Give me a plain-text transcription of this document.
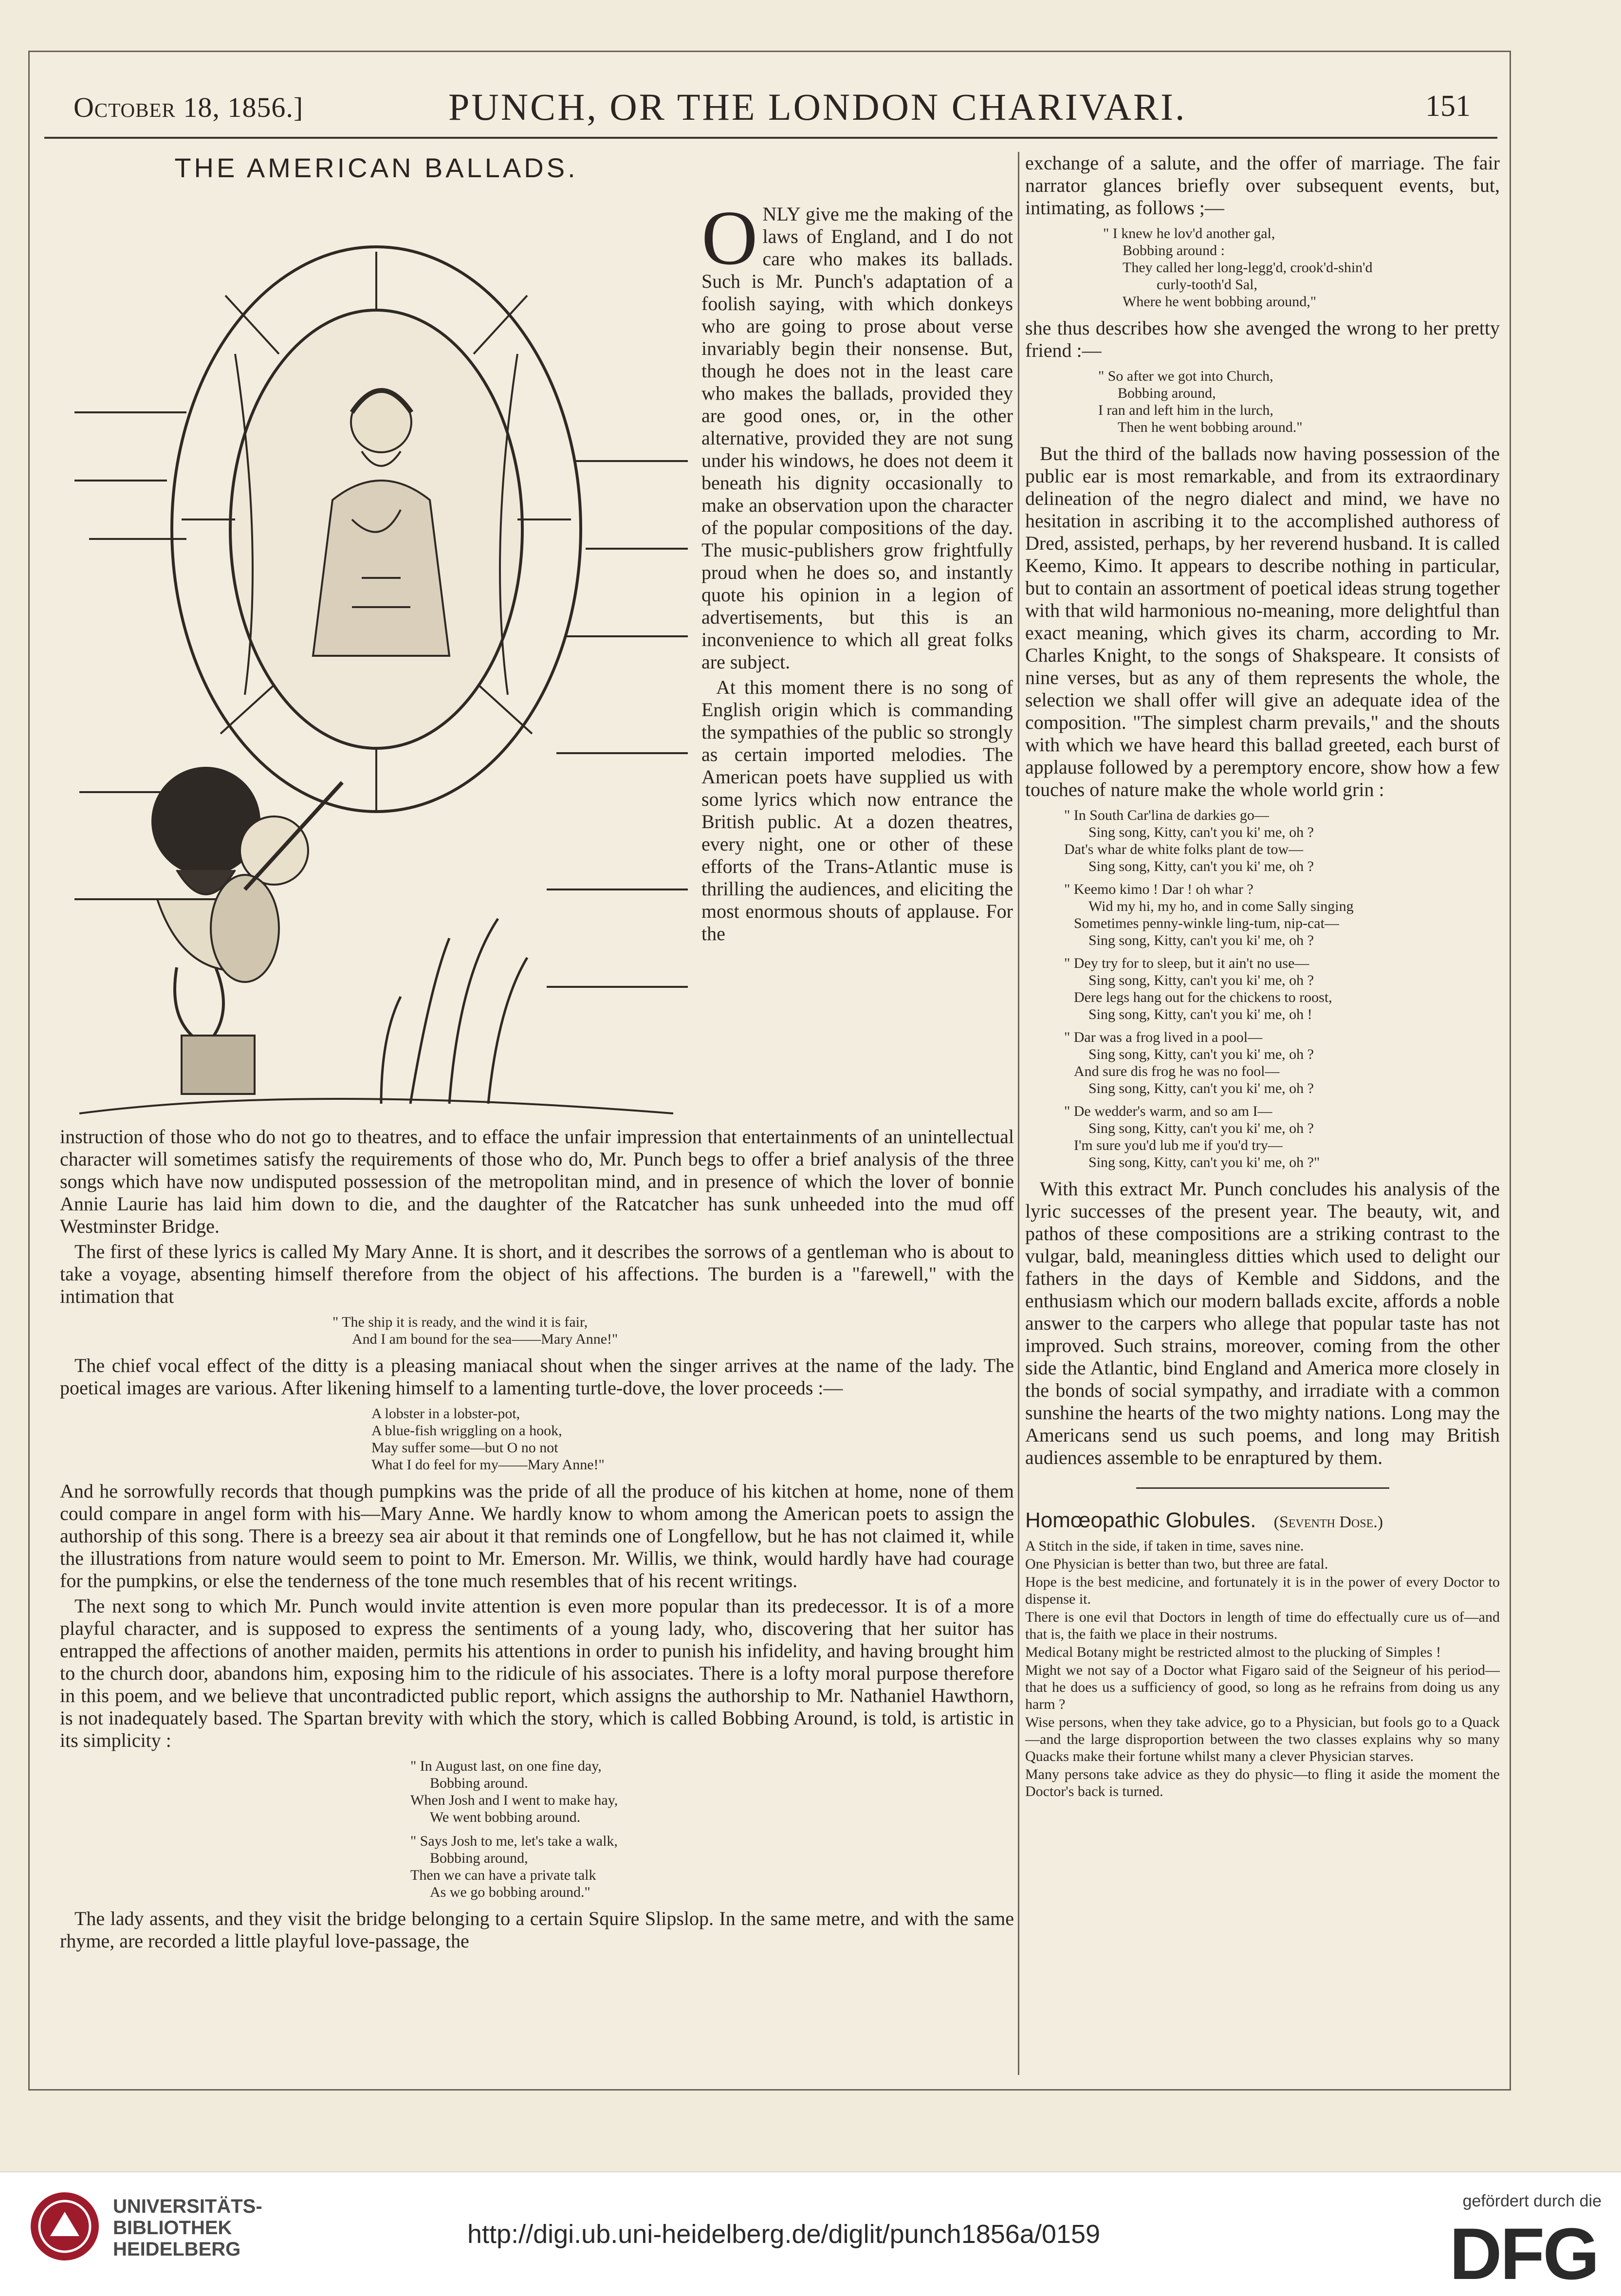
October 18, 1856.]	PUNCH, OR THE LONDON CHARIVARI.	151
THE AMERICAN BALLADS.

ONLY give me the making of the laws of England, and I do not care who makes its ballads. Such is Mr. Punch's adaptation of a foolish saying, with which donkeys who are going to prose about verse invariably begin their nonsense. But, though he does not in the least care who makes the ballads, provided they are good ones, or, in the other alternative, provided they are not sung under his windows, he does not deem it beneath his dignity occasionally to make an observation upon the character of the popular compositions of the day. The music-publishers grow frightfully proud when he does so, and instantly quote his opinion in a legion of advertisements, but this is an inconvenience to which all great folks are subject.

At this moment there is no song of English origin which is commanding the sympathies of the public so strongly as certain imported melodies. The American poets have supplied us with some lyrics which now entrance the British public. At a dozen theatres, every night, one or other of these efforts of the Trans-Atlantic muse is thrilling the audiences, and eliciting the most enormous shouts of applause. For the

instruction of those who do not go to theatres, and to efface the unfair impression that entertainments of an unintellectual character will sometimes satisfy the requirements of those who do, Mr. Punch begs to offer a brief analysis of the three songs which have now undisputed possession of the metropolitan mind, and in presence of which the lover of bonnie Annie Laurie has laid him down to die, and the daughter of the Ratcatcher has sunk unheeded into the mud off Westminster Bridge.

The first of these lyrics is called My Mary Anne. It is short, and it describes the sorrows of a gentleman who is about to take a voyage, absenting himself therefore from the object of his affections. The burden is a "farewell," with the intimation that

" The ship it is ready, and the wind it is fair,
And I am bound for the sea——Mary Anne!"

The chief vocal effect of the ditty is a pleasing maniacal shout when the singer arrives at the name of the lady. The poetical images are various. After likening himself to a lamenting turtle-dove, the lover proceeds :—

A lobster in a lobster-pot,
A blue-fish wriggling on a hook,
May suffer some—but O no not
What I do feel for my——Mary Anne!"

And he sorrowfully records that though pumpkins was the pride of all the produce of his kitchen at home, none of them could compare in angel form with his—Mary Anne. We hardly know to whom among the American poets to assign the authorship of this song. There is a breezy sea air about it that reminds one of Longfellow, but he has not claimed it, while the illustrations from nature would seem to point to Mr. Emerson. Mr. Willis, we think, would hardly have had courage for the pumpkins, or else the tenderness of the tone much resembles that of his recent writings.

The next song to which Mr. Punch would invite attention is even more popular than its predecessor. It is of a more playful character, and is supposed to express the sentiments of a young lady, who, discovering that her suitor has entrapped the affections of another maiden, permits his attentions in order to punish his infidelity, and having brought him to the church door, abandons him, exposing him to the ridicule of his associates. There is a lofty moral purpose therefore in this poem, and we believe that uncontradicted public report, which assigns the authorship to Mr. Nathaniel Hawthorn, is not inadequately based. The Spartan brevity with which the story, which is called Bobbing Around, is told, is artistic in its simplicity :

" In August last, on one fine day,
Bobbing around.
When Josh and I went to make hay,
We went bobbing around.
" Says Josh to me, let's take a walk,
Bobbing around,
Then we can have a private talk
As we go bobbing around."

The lady assents, and they visit the bridge belonging to a certain Squire Slipslop. In the same metre, and with the same rhyme, are recorded a little playful love-passage, the

exchange of a salute, and the offer of marriage. The fair narrator glances briefly over subsequent events, but, intimating, as follows ;—

" I knew he lov'd another gal,
Bobbing around :
They called her long-legg'd, crook'd-shin'd
curly-tooth'd Sal,
Where he went bobbing around,"

she thus describes how she avenged the wrong to her pretty friend :—

" So after we got into Church,
Bobbing around,
I ran and left him in the lurch,
Then he went bobbing around."

But the third of the ballads now having possession of the public ear is most remarkable, and from its extraordinary delineation of the negro dialect and mind, we have no hesitation in ascribing it to the accomplished authoress of Dred, assisted, perhaps, by her reverend husband. It is called Keemo, Kimo. It appears to describe nothing in particular, but to contain an assortment of poetical ideas strung together with that wild harmonious no-meaning, more delightful than exact meaning, which gives its charm, according to Mr. Charles Knight, to the songs of Shakspeare. It consists of nine verses, but as any of them represents the whole, the selection we shall offer will give an adequate idea of the composition. "The simplest charm prevails," and the shouts with which we have heard this ballad greeted, each burst of applause followed by a peremptory encore, show how a few touches of nature make the whole world grin :

" In South Car'lina de darkies go—
Sing song, Kitty, can't you ki' me, oh ?
Dat's whar de white folks plant de tow—
Sing song, Kitty, can't you ki' me, oh ?
" Keemo kimo ! Dar ! oh whar ?
Wid my hi, my ho, and in come Sally singing
Sometimes penny-winkle ling-tum, nip-cat—
Sing song, Kitty, can't you ki' me, oh ?
" Dey try for to sleep, but it ain't no use—
Sing song, Kitty, can't you ki' me, oh ?
Dere legs hang out for the chickens to roost,
Sing song, Kitty, can't you ki' me, oh !
" Dar was a frog lived in a pool—
Sing song, Kitty, can't you ki' me, oh ?
And sure dis frog he was no fool—
Sing song, Kitty, can't you ki' me, oh ?
" De wedder's warm, and so am I—
Sing song, Kitty, can't you ki' me, oh ?
I'm sure you'd lub me if you'd try—
Sing song, Kitty, can't you ki' me, oh ?"

With this extract Mr. Punch concludes his analysis of the lyric successes of the present year. The beauty, wit, and pathos of these compositions are a striking contrast to the vulgar, bald, meaningless ditties which used to delight our fathers in the days of Kemble and Siddons, and the enthusiasm which our modern ballads excite, affords a noble answer to the carpers who allege that popular taste has not improved. Such strains, moreover, coming from the other side the Atlantic, bind England and America more closely in the bonds of social sympathy, and irradiate with a common sunshine the hearts of the two mighty nations. Long may the Americans send us such poems, and long may British audiences assemble to be enraptured by them.

Homœopathic Globules. (Seventh Dose.)

A Stitch in the side, if taken in time, saves nine.

One Physician is better than two, but three are fatal.

Hope is the best medicine, and fortunately it is in the power of every Doctor to dispense it.

There is one evil that Doctors in length of time do effectually cure us of—and that is, the faith we place in their nostrums.

Medical Botany might be restricted almost to the plucking of Simples !

Might we not say of a Doctor what Figaro said of the Seigneur of his period—that he does us a sufficiency of good, so long as he refrains from doing us any harm ?

Wise persons, when they take advice, go to a Physician, but fools go to a Quack—and the large disproportion between the two classes explains why so many Quacks make their fortune whilst many a clever Physician starves.

Many persons take advice as they do physic—to fling it aside the moment the Doctor's back is turned.

UNIVERSITÄTS-
BIBLIOTHEK
HEIDELBERG
http://digi.ub.uni-heidelberg.de/diglit/punch1856a/0159
gefördert durch die
DFG
